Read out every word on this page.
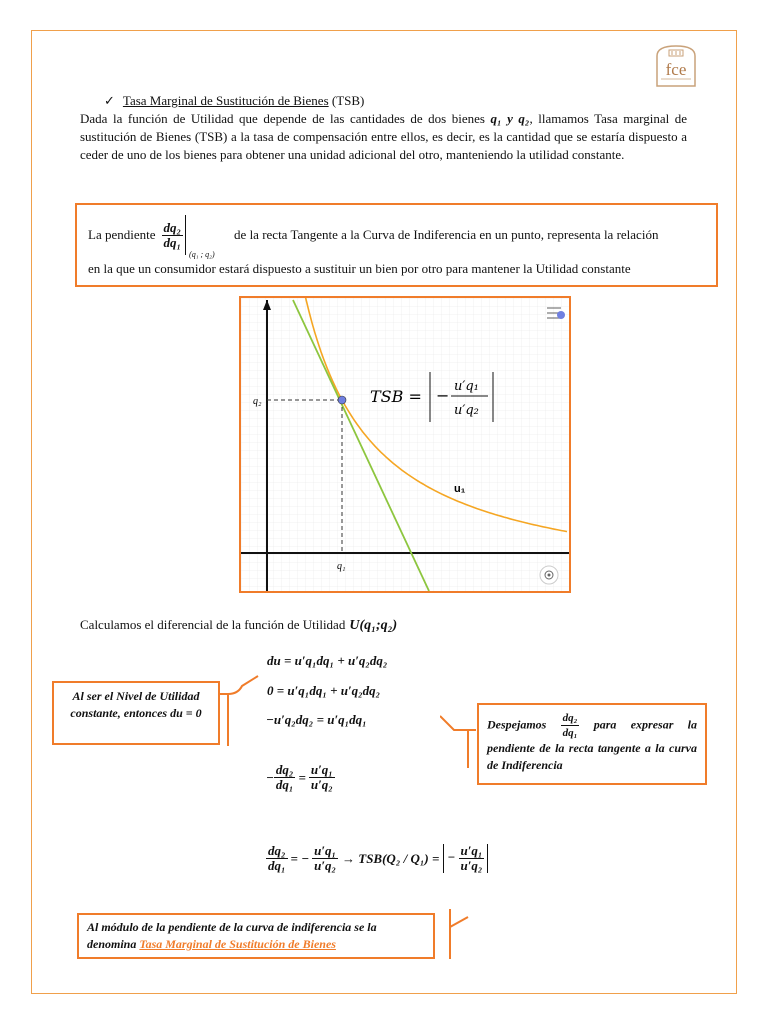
fce
✓ Tasa Marginal de Sustitución de Bienes (TSB)
Dada la función de Utilidad que depende de las cantidades de dos bienes q₁ y q₂, llamamos Tasa marginal de sustitución de Bienes (TSB) a la tasa de compensación entre ellos, es decir, es la cantidad que se estaría dispuesto a ceder de uno de los bienes para obtener una unidad adicional del otro, manteniendo la utilidad constante.
La pendiente $\frac{\text{dq₂}}{\text{dq₁}}$
(q₁ ; q₂)
de la recta Tangente a la Curva de Indiferencia en un punto, representa la relación
en la que un consumidor estará dispuesto a sustituir un bien por otro para mantener la Utilidad constante
q₂
q₁
TSB = − u′q₁
u′q₂
u₁
Calculamos el diferencial de la función de Utilidad U(q₁;q₂)
du = u′q₁dq₁ + u′q₂dq₂
0 = u′q₁dq₁ + u′q₂dq₂
−u′q₂dq₂ = u′q₁dq₁
− $\frac{\text{dq₂}}{\text{dq₁}} = \frac{\text{u′q₁}}{\text{u′q₂}}$
$\frac{\text{dq₂}}{\text{dq₁}}$ = − $\frac{\text{u′q₁}}{\text{u′q₂}} \to TSB(Q_2 / Q_1)$ = − $\frac{\text{u′q₁}}{\text{u′q₂}}$
Al ser el Nivel de Utilidad constante, entonces du = 0
Despejamos $\frac{\text{dq₂}}{\text{dq₁}}$ para expresar la pendiente de la recta tangente a la curva de Indiferencia
Al módulo de la pendiente de la curva de indiferencia se la denomina Tasa Marginal de Sustitución de Bienes
